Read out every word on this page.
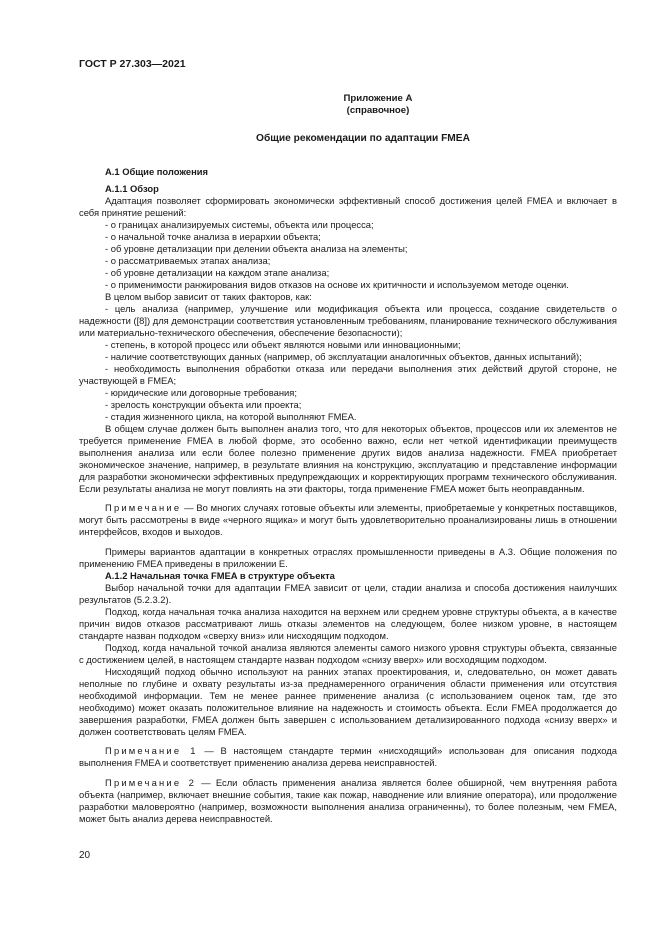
ГОСТ Р 27.303—2021
Приложение А
(справочное)
Общие рекомендации по адаптации FMEA
А.1 Общие положения
А.1.1 Обзор

Адаптация позволяет сформировать экономически эффективный способ достижения целей FMEA и включает в себя принятие решений:

- о границах анализируемых системы, объекта или процесса;

- о начальной точке анализа в иерархии объекта;

- об уровне детализации при делении объекта анализа на элементы;

- о рассматриваемых этапах анализа;

- об уровне детализации на каждом этапе анализа;

- о применимости ранжирования видов отказов на основе их критичности и используемом методе оценки.

В целом выбор зависит от таких факторов, как:

- цель анализа (например, улучшение или модификация объекта или процесса, создание свидетельств о надежности ([8]) для демонстрации соответствия установленным требованиям, планирование технического обслуживания или материально-технического обеспечения, обеспечение безопасности);

- степень, в которой процесс или объект являются новыми или инновационными;

- наличие соответствующих данных (например, об эксплуатации аналогичных объектов, данных испытаний);

- необходимость выполнения обработки отказа или передачи выполнения этих действий другой стороне, не участвующей в FMEA;

- юридические или договорные требования;

- зрелость конструкции объекта или проекта;

- стадия жизненного цикла, на которой выполняют FMEA.

В общем случае должен быть выполнен анализ того, что для некоторых объектов, процессов или их элементов не требуется применение FMEA в любой форме, это особенно важно, если нет четкой идентификации преимуществ выполнения анализа или если более полезно применение других видов анализа надежности. FMEA приобретает экономическое значение, например, в результате влияния на конструкцию, эксплуатацию и представление информации для разработки экономически эффективных предупреждающих и корректирующих программ технического обслуживания. Если результаты анализа не могут повлиять на эти факторы, тогда применение FMEA может быть неоправданным.

Примечание — Во многих случаях готовые объекты или элементы, приобретаемые у конкретных поставщиков, могут быть рассмотрены в виде «черного ящика» и могут быть удовлетворительно проанализированы лишь в отношении интерфейсов, входов и выходов.

Примеры вариантов адаптации в конкретных отраслях промышленности приведены в А.3. Общие положения по применению FMEA приведены в приложении Е.

А.1.2 Начальная точка FMEA в структуре объекта

Выбор начальной точки для адаптации FMEA зависит от цели, стадии анализа и способа достижения наилучших результатов (5.2.3.2).

Подход, когда начальная точка анализа находится на верхнем или среднем уровне структуры объекта, а в качестве причин видов отказов рассматривают лишь отказы элементов на следующем, более низком уровне, в настоящем стандарте назван подходом «сверху вниз» или нисходящим подходом.

Подход, когда начальной точкой анализа являются элементы самого низкого уровня структуры объекта, связанные с достижением целей, в настоящем стандарте назван подходом «снизу вверх» или восходящим подходом.

Нисходящий подход обычно используют на ранних этапах проектирования, и, следовательно, он может давать неполные по глубине и охвату результаты из-за преднамеренного ограничения области применения или отсутствия необходимой информации. Тем не менее раннее применение анализа (с использованием оценок там, где это необходимо) может оказать положительное влияние на надежность и стоимость объекта. Если FMEA продолжается до завершения разработки, FMEA должен быть завершен с использованием детализированного подхода «снизу вверх» и должен соответствовать целям FMEA.

Примечание 1 — В настоящем стандарте термин «нисходящий» использован для описания подхода выполнения FMEA и соответствует применению анализа дерева неисправностей.

Примечание 2 — Если область применения анализа является более обширной, чем внутренняя работа объекта (например, включает внешние события, такие как пожар, наводнение или влияние оператора), или продолжение разработки маловероятно (например, возможности выполнения анализа ограниченны), то более полезным, чем FMEA, может быть анализ дерева неисправностей.

20
